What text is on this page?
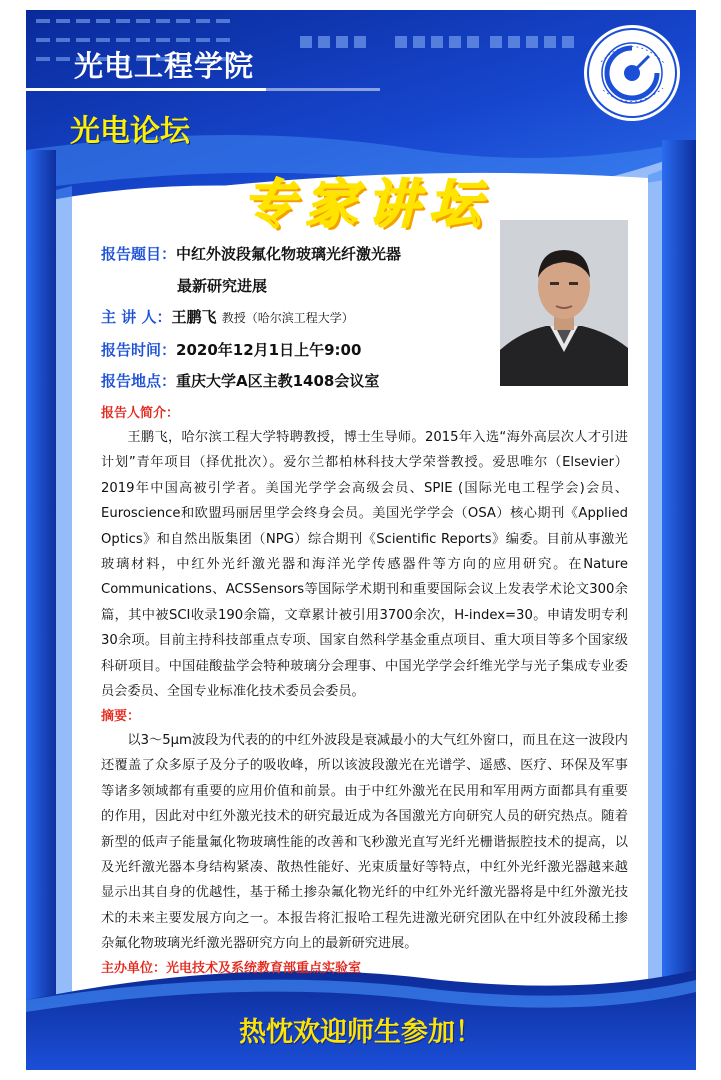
光电工程学院
光电论坛
专家讲坛
报告题目：中红外波段氟化物玻璃光纤激光器
最新研究进展
主 讲 人：王鹏飞 教授（哈尔滨工程大学）
报告时间：2020年12月1日上午9:00
报告地点：重庆大学A区主教1408会议室
报告人简介：
王鹏飞，哈尔滨工程大学特聘教授，博士生导师。2015年入选“海外高层次人才引进计划”青年项目（择优批次）。爱尔兰都柏林科技大学荣誉教授。爱思唯尔（Elsevier）2019年中国高被引学者。美国光学学会高级会员、SPIE (国际光电工程学会)会员、Euroscience和欧盟玛丽居里学会终身会员。美国光学学会（OSA）核心期刊《Applied Optics》和自然出版集团（NPG）综合期刊《Scientific Reports》编委。目前从事激光玻璃材料，中红外光纤激光器和海洋光学传感器件等方向的应用研究。在Nature Communications、ACSSensors等国际学术期刊和重要国际会议上发表学术论文300余篇，其中被SCI收录190余篇，文章累计被引用3700余次，H-index=30。申请发明专利30余项。目前主持科技部重点专项、国家自然科学基金重点项目、重大项目等多个国家级科研项目。中国硅酸盐学会特种玻璃分会理事、中国光学学会纤维光学与光子集成专业委员会委员、全国专业标准化技术委员会委员。
摘要：
以3～5μm波段为代表的的中红外波段是衰减最小的大气红外窗口，而且在这一波段内还覆盖了众多原子及分子的吸收峰，所以该波段激光在光谱学、遥感、医疗、环保及军事等诸多领域都有重要的应用价值和前景。由于中红外激光在民用和军用两方面都具有重要的作用，因此对中红外激光技术的研究最近成为各国激光方向研究人员的研究热点。随着新型的低声子能量氟化物玻璃性能的改善和飞秒激光直写光纤光栅谐振腔技术的提高，以及光纤激光器本身结构紧凑、散热性能好、光束质量好等特点，中红外光纤激光器越来越显示出其自身的优越性，基于稀土掺杂氟化物光纤的中红外光纤激光器将是中红外激光技术的未来主要发展方向之一。本报告将汇报哈工程先进激光研究团队在中红外波段稀土掺杂氟化物玻璃光纤激光器研究方向上的最新研究进展。
主办单位：光电技术及系统教育部重点实验室
热忱欢迎师生参加！
